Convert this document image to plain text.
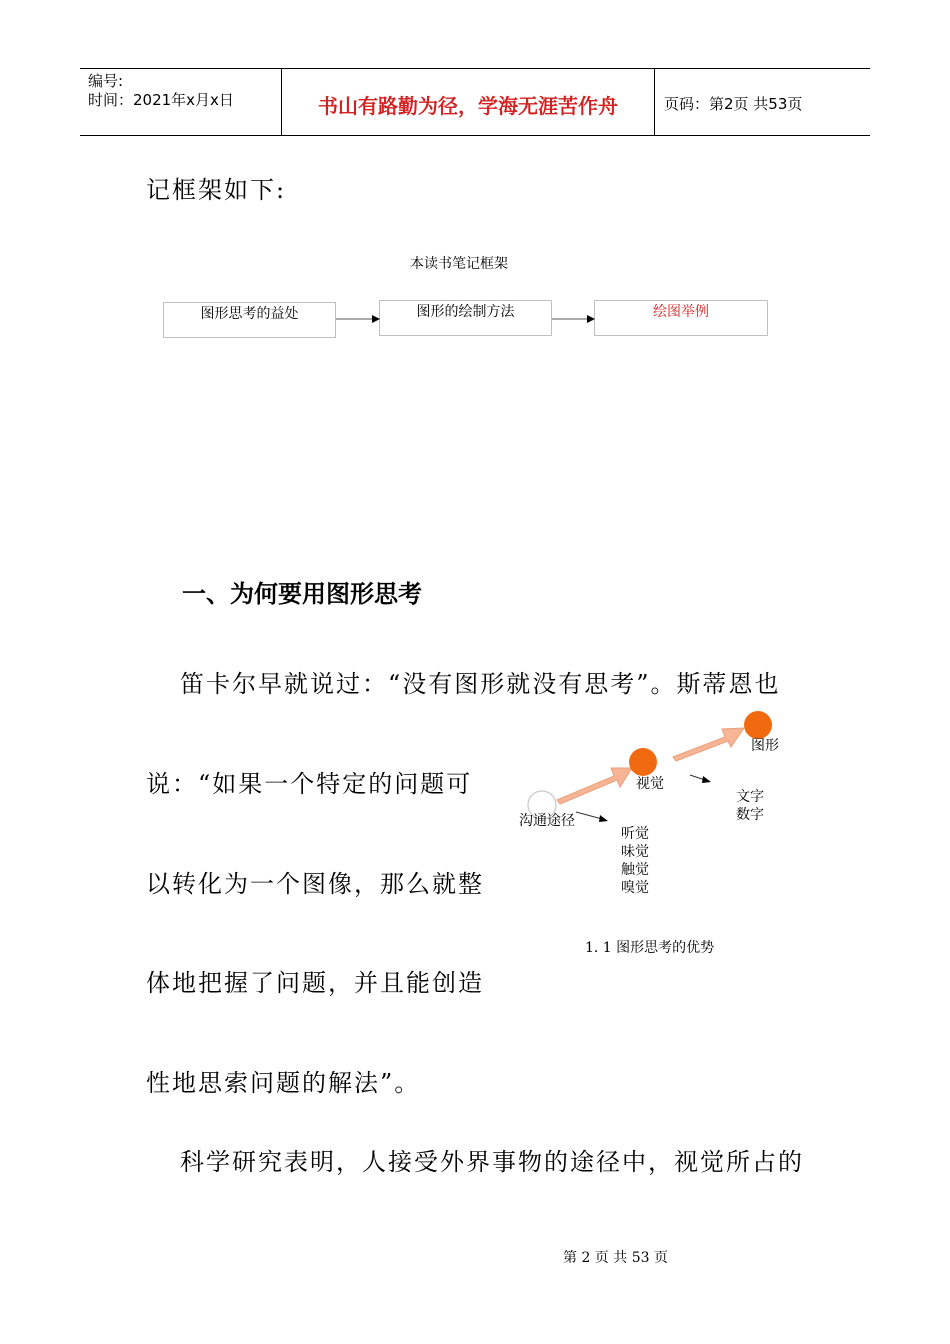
编号:
时间：2021年x月x日	书山有路勤为径，学海无涯苦作舟	页码：第2页 共53页
记框架如下:
本读书笔记框架
图形思考的益处	图形的绘制方法	绘图举例
一、为何要用图形思考
笛卡尔早就说过：“没有图形就没有思考”。斯蒂恩也
说：“如果一个特定的问题可
以转化为一个图像，那么就整
体地把握了问题，并且能创造
性地思索问题的解法”。
科学研究表明，人接受外界事物的途径中，视觉所占的
沟通途径
视觉
图形
文字
数字
听觉
味觉
触觉
嗅觉
1. 1 图形思考的优势
第 2 页 共 53 页
